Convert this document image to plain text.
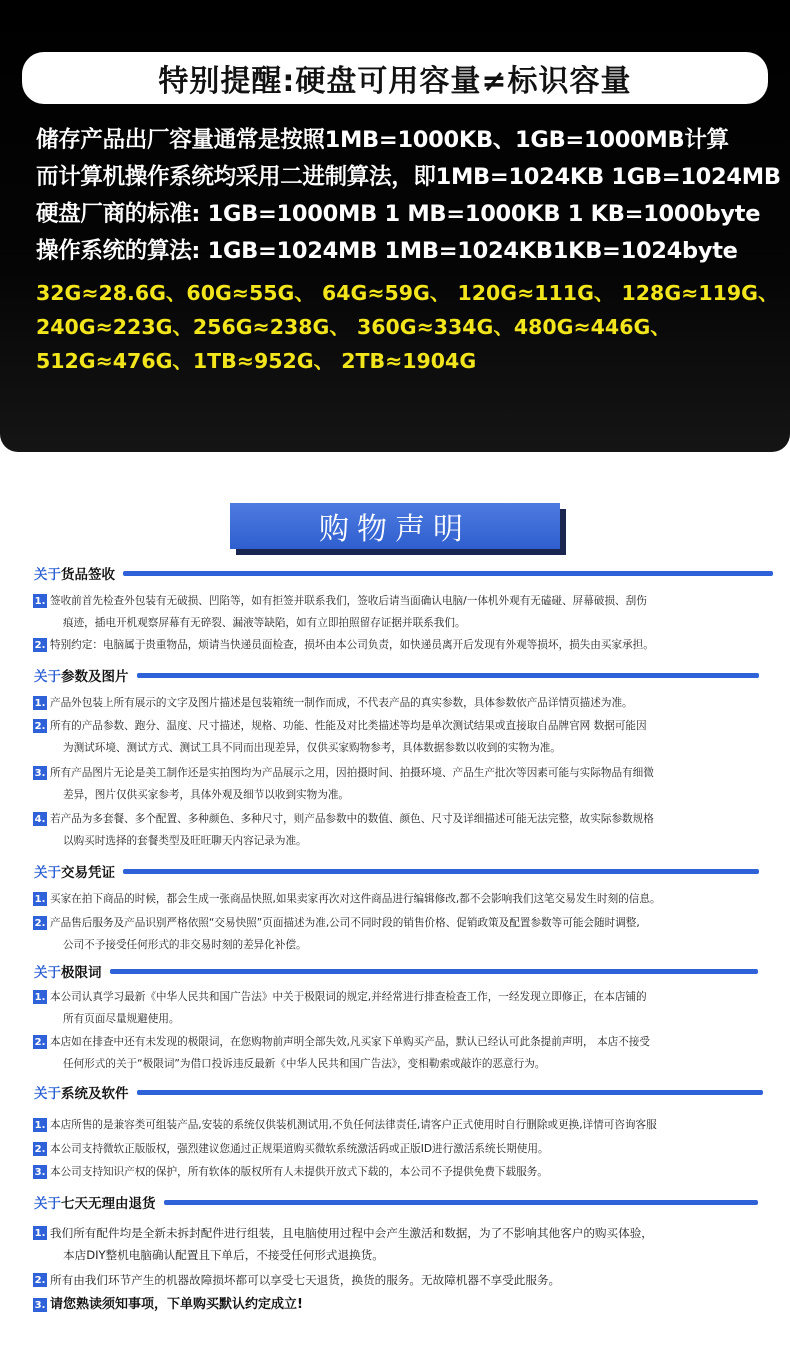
特别提醒:硬盘可用容量≠标识容量
储存产品出厂容量通常是按照1MB=1000KB、1GB=1000MB计算
而计算机操作系统均采用二进制算法，即1MB=1024KB 1GB=1024MB
硬盘厂商的标准: 1GB=1000MB 1 MB=1000KB 1 KB=1000byte
操作系统的算法: 1GB=1024MB 1MB=1024KB1KB=1024byte
32G≈28.6G、60G≈55G、 64G≈59G、 120G≈111G、 128G≈119G、
240G≈223G、256G≈238G、 360G≈334G、480G≈446G、
512G≈476G、1TB≈952G、 2TB≈1904G
购物声明
关于货品签收
1. 签收前首先检查外包装有无破损、凹陷等，如有拒签并联系我们，签收后请当面确认电脑/一体机外观有无磕碰、屏幕破损、刮伤
痕迹，插电开机观察屏幕有无碎裂、漏液等缺陷，如有立即拍照留存证据并联系我们。
2. 特别约定：电脑属于贵重物品，烦请当快递员面检查，损坏由本公司负责，如快递员离开后发现有外观等损坏，损失由买家承担。
关于参数及图片
1. 产品外包装上所有展示的文字及图片描述是包装箱统一制作而成，不代表产品的真实参数，具体参数依产品详情页描述为准。
2. 所有的产品参数、跑分、温度、尺寸描述，规格、功能、性能及对比类描述等均是单次测试结果或直接取自品牌官网 数据可能因
为测试环境、测试方式、测试工具不同而出现差异，仅供买家购物参考，具体数据参数以收到的实物为准。
3. 所有产品图片无论是美工制作还是实拍图均为产品展示之用，因拍摄时间、拍摄环境、产品生产批次等因素可能与实际物品有细微
差异，图片仅供买家参考，具体外观及细节以收到实物为准。
4. 若产品为多套餐、多个配置、多种颜色、多种尺寸，则产品参数中的数值、颜色、尺寸及详细描述可能无法完整，故实际参数规格
以购买时选择的套餐类型及旺旺聊天内容记录为准。
关于交易凭证
1. 买家在拍下商品的时候，都会生成一张商品快照,如果卖家再次对这件商品进行编辑修改,都不会影响我们这笔交易发生时刻的信息。
2. 产品售后服务及产品识别严格依照“交易快照”页面描述为准,公司不同时段的销售价格、促销政策及配置参数等可能会随时调整,
公司不予接受任何形式的非交易时刻的差异化补偿。
关于极限词
1. 本公司认真学习最新《中华人民共和国广告法》中关于极限词的规定,并经常进行排查检查工作，一经发现立即修正，在本店铺的
所有页面尽量规避使用。
2. 本店如在排查中还有未发现的极限词，在您购物前声明全部失效,凡买家下单购买产品，默认已经认可此条提前声明， 本店不接受
任何形式的关于“极限词”为借口投诉违反最新《中华人民共和国广告法》，变相勒索或敲诈的恶意行为。
关于系统及软件
1. 本店所售的是兼容类可组装产品,安装的系统仅供装机测试用,不负任何法律责任,请客户正式使用时自行删除或更换,详情可咨询客服
2. 本公司支持微软正版版权，强烈建议您通过正规渠道购买微软系统激活码或正版ID进行激活系统长期使用。
3. 本公司支持知识产权的保护，所有软体的版权所有人未提供开放式下载的，本公司不予提供免费下载服务。
关于七天无理由退货
1. 我们所有配件均是全新未拆封配件进行组装，且电脑使用过程中会产生激活和数据，为了不影响其他客户的购买体验，
本店DIY整机电脑确认配置且下单后，不接受任何形式退换货。
2. 所有由我们环节产生的机器故障损坏都可以享受七天退货，换货的服务。无故障机器不享受此服务。
3. 请您熟读须知事项，下单购买默认约定成立!
